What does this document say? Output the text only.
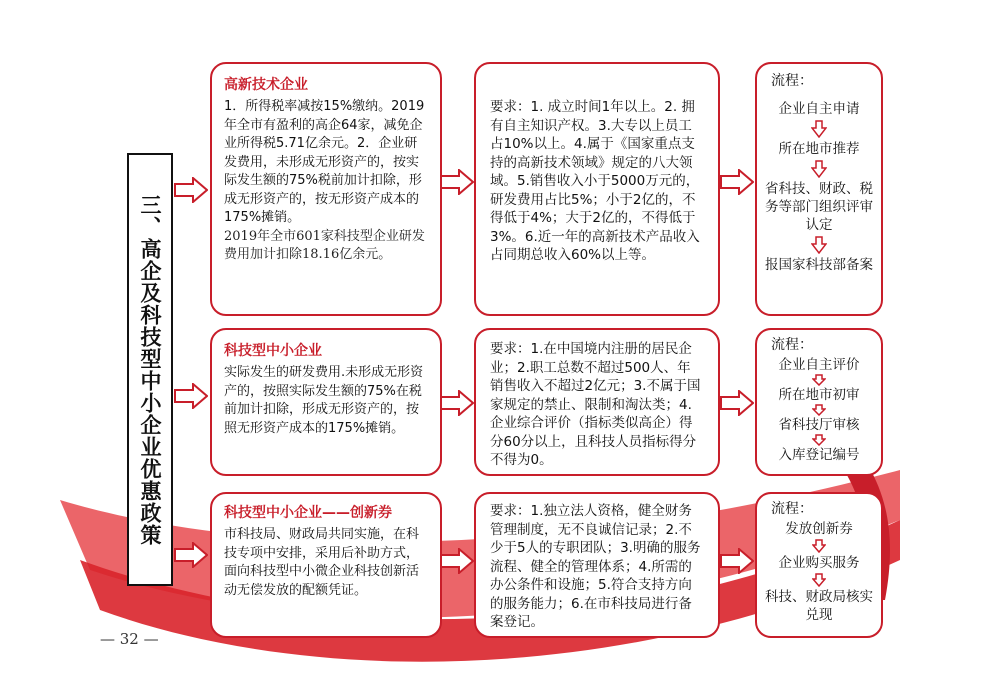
三、高企及科技型中小企业优惠政策
高新技术企业

1．所得税率减按15%缴纳。2019年全市有盈利的高企64家，减免企业所得税5.71亿余元。2．企业研发费用，未形成无形资产的，按实际发生额的75%税前加计扣除，形成无形资产的，按无形资产成本的175%摊销。

2019年全市601家科技型企业研发费用加计扣除18.16亿余元。

要求：1. 成立时间1年以上。2. 拥有自主知识产权。3.大专以上员工占10%以上。4.属于《国家重点支持的高新技术领域》规定的八大领域。5.销售收入小于5000万元的，研发费用占比5%；小于2亿的，不得低于4%；大于2亿的，不得低于3%。6.近一年的高新技术产品收入占同期总收入60%以上等。
流程：
企业自主申请
所在地市推荐
省科技、财政、税务等部门组织评审认定
报国家科技部备案
科技型中小企业

实际发生的研发费用.未形成无形资产的，按照实际发生额的75%在税前加计扣除，形成无形资产的，按照无形资产成本的175%摊销。

要求：1.在中国境内注册的居民企业；2.职工总数不超过500人、年销售收入不超过2亿元；3.不属于国家规定的禁止、限制和淘汰类；4.企业综合评价（指标类似高企）得分60分以上，且科技人员指标得分不得为0。
流程：
企业自主评价
所在地市初审
省科技厅审核
入库登记编号
科技型中小企业——创新券

市科技局、财政局共同实施，在科技专项中安排，采用后补助方式，面向科技型中小微企业科技创新活动无偿发放的配额凭证。

要求：1.独立法人资格，健全财务管理制度，无不良诚信记录；2.不少于5人的专职团队；3.明确的服务流程、健全的管理体系；4.所需的办公条件和设施；5.符合支持方向的服务能力；6.在市科技局进行备案登记。
流程：
发放创新券
企业购买服务
科技、财政局核实兑现
— 32 —
